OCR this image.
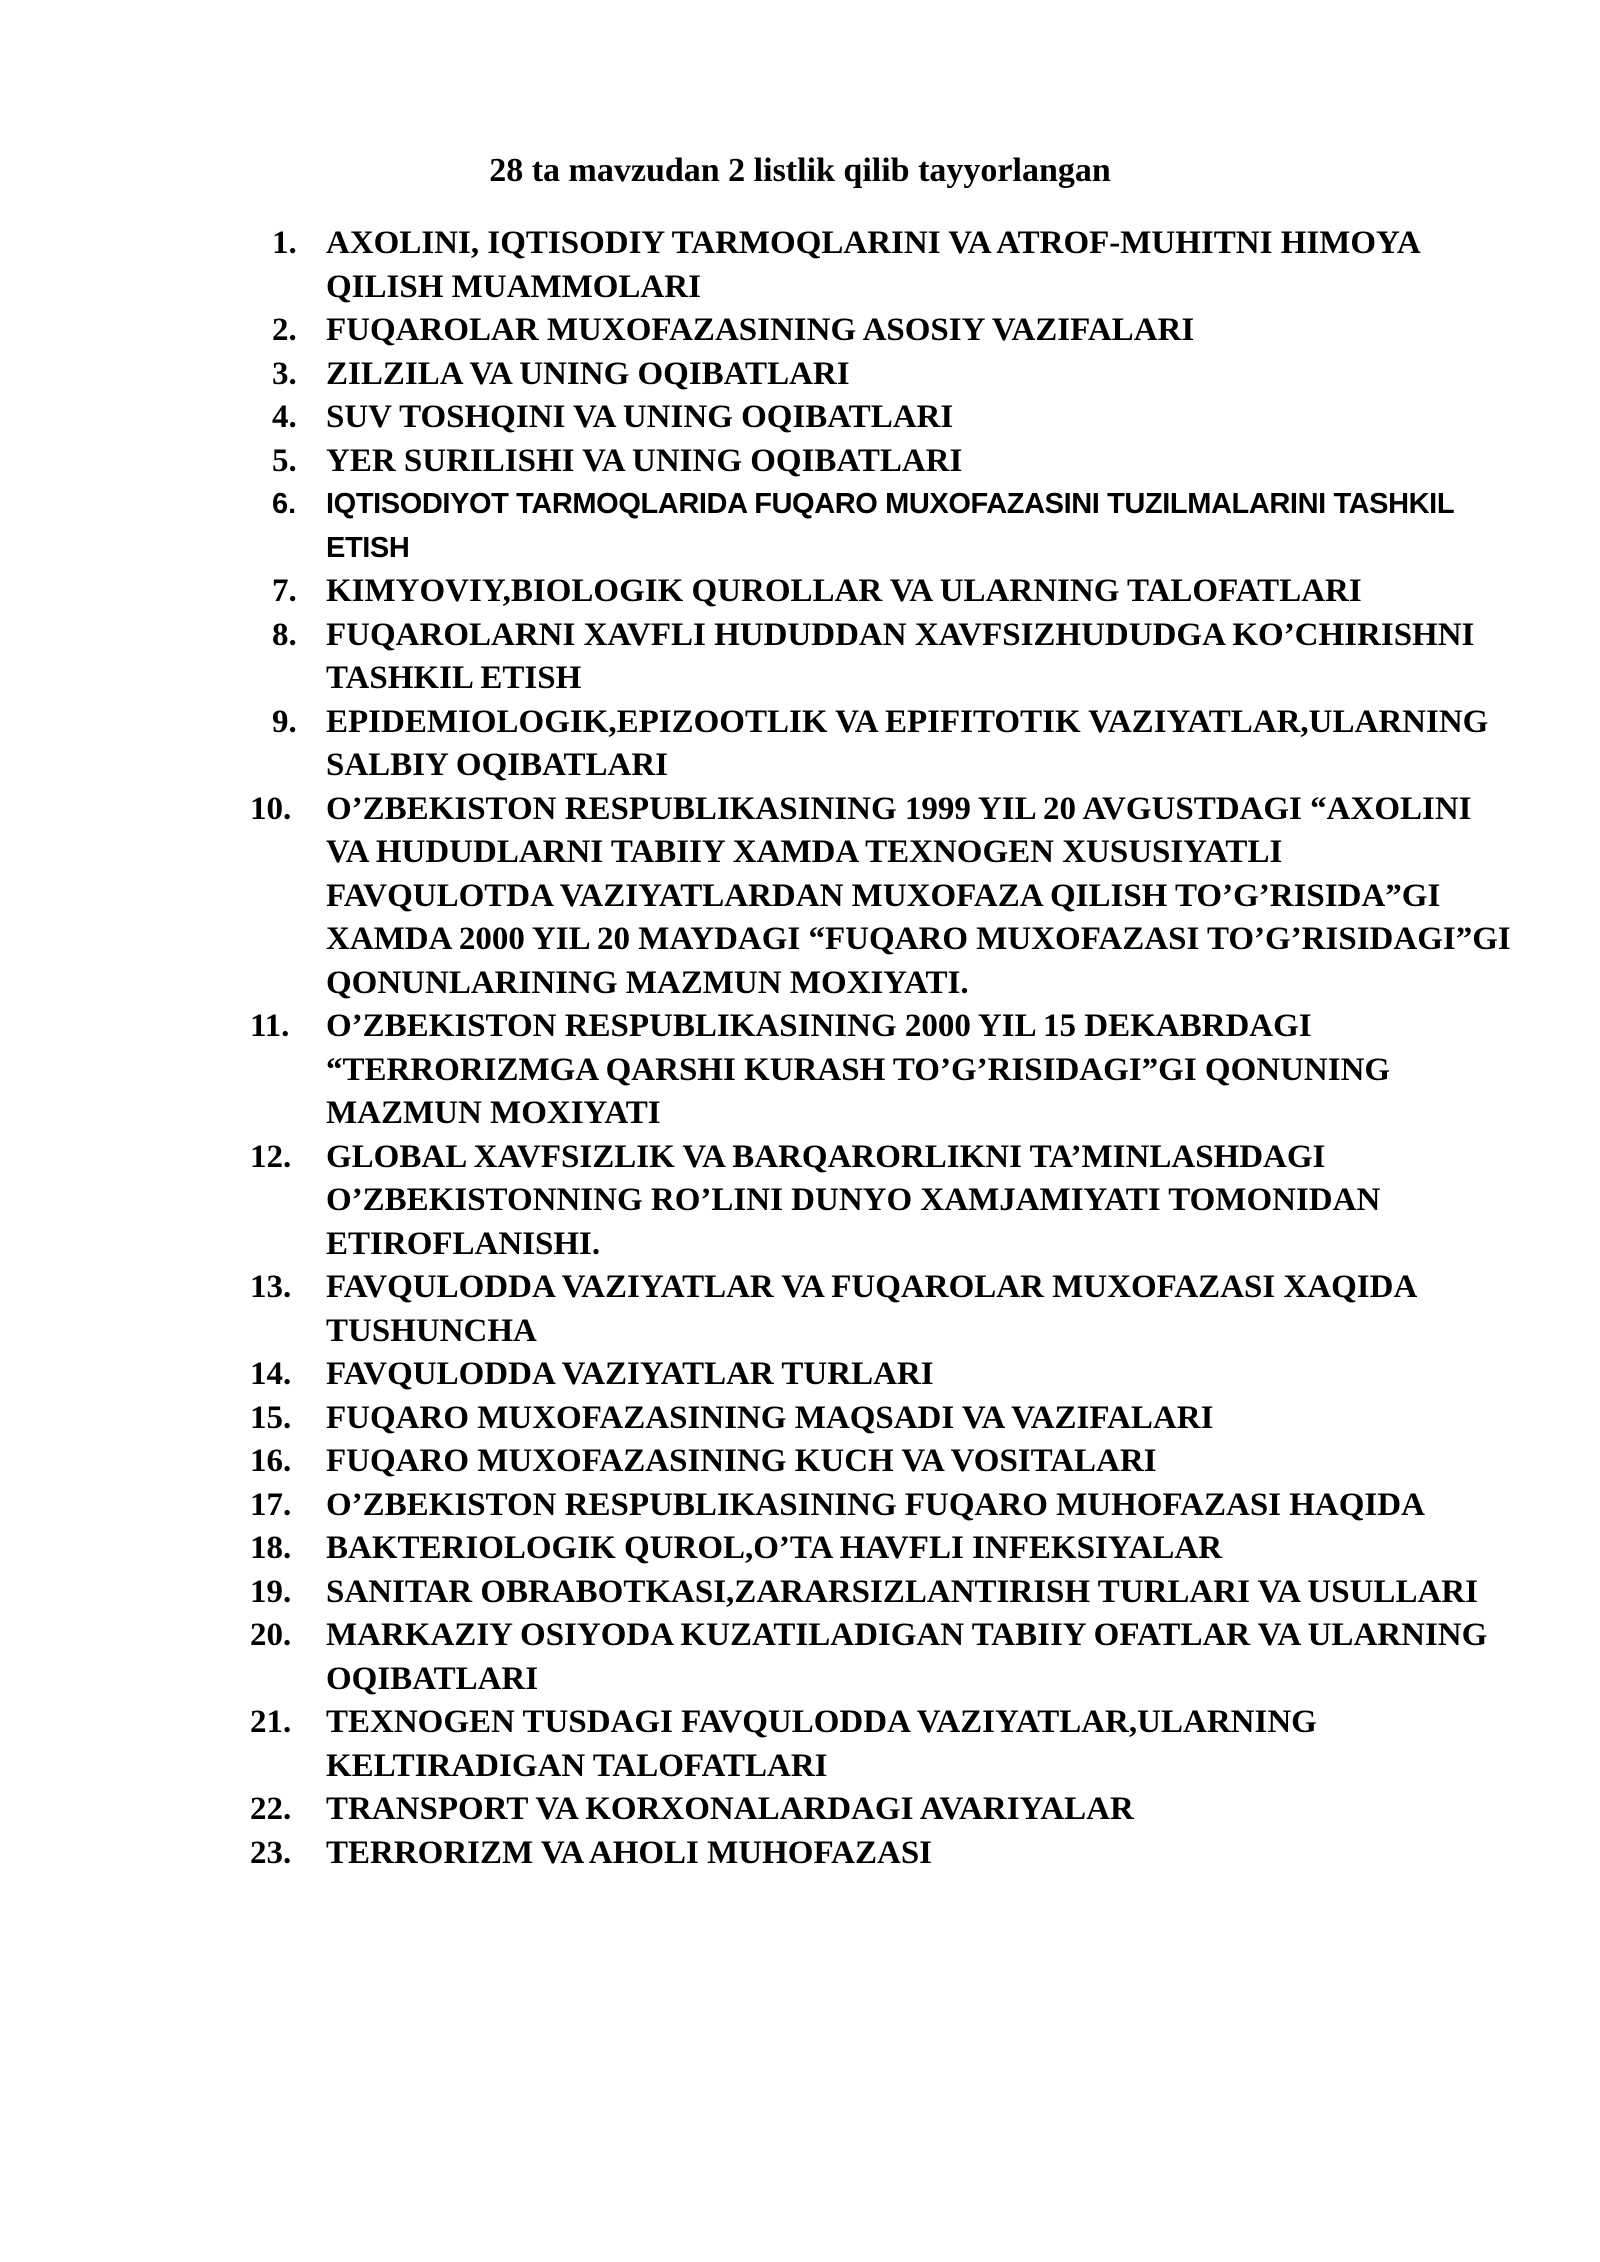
28 ta mavzudan 2 listlik qilib tayyorlangan
1. AXOLINI, IQTISODIY TARMOQLARINI VA ATROF-MUHITNI HIMOYA QILISH MUAMMOLARI
2. FUQAROLAR MUXOFAZASINING ASOSIY VAZIFALARI
3. ZILZILA VA UNING OQIBATLARI
4. SUV TOSHQINI VA UNING OQIBATLARI
5. YER SURILISHI VA UNING OQIBATLARI
6. IQTISODIYOT TARMOQLARIDA FUQARO MUXOFAZASINI TUZILMALARINI TASHKIL ETISH
7. KIMYOVIY,BIOLOGIK QUROLLAR VA ULARNING TALOFATLARI
8. FUQAROLARNI XAVFLI HUDUDDAN XAVFSIZHUDUDGA KO’CHIRISHNI TASHKIL ETISH
9. EPIDEMIOLOGIK,EPIZOOTLIK VA EPIFITOTIK VAZIYATLAR,ULARNING SALBIY OQIBATLARI
10. O’ZBEKISTON RESPUBLIKASINING 1999 YIL 20 AVGUSTDAGI “AXOLINI VA HUDUDLARNI TABIIY XAMDA TEXNOGEN XUSUSIYATLI FAVQULOTDA VAZIYATLARDAN MUXOFAZA QILISH TO’G’RISIDA”GI XAMDA 2000 YIL 20 MAYDAGI “FUQARO MUXOFAZASI TO’G’RISIDAGI”GI QONUNLARINING MAZMUN MOXIYATI.
11. O’ZBEKISTON RESPUBLIKASINING 2000 YIL 15 DEKABRDAGI “TERRORIZMGA QARSHI KURASH TO’G’RISIDAGI”GI QONUNING MAZMUN MOXIYATI
12. GLOBAL XAVFSIZLIK VA BARQARORLIKNI TA’MINLASHDAGI O’ZBEKISTONNING RO’LINI DUNYO XAMJAMIYATI TOMONIDAN ETIROFLANISHI.
13. FAVQULODDA VAZIYATLAR VA FUQAROLAR MUXOFAZASI XAQIDA TUSHUNCHA
14. FAVQULODDA VAZIYATLAR TURLARI
15. FUQARO MUXOFAZASINING MAQSADI VA VAZIFALARI
16. FUQARO MUXOFAZASINING KUCH VA VOSITALARI
17. O’ZBEKISTON RESPUBLIKASINING FUQARO MUHOFAZASI HAQIDA
18. BAKTERIOLOGIK QUROL,O’TA HAVFLI INFEKSIYALAR
19. SANITAR OBRABOTKASI,ZARARSIZLANTIRISH TURLARI VA USULLARI
20. MARKAZIY OSIYODA KUZATILADIGAN TABIIY OFATLAR VA ULARNING OQIBATLARI
21. TEXNOGEN TUSDAGI FAVQULODDA VAZIYATLAR,ULARNING KELTIRADIGAN TALOFATLARI
22. TRANSPORT VA KORXONALARDAGI AVARIYALAR
23. TERRORIZM VA AHOLI MUHOFAZASI
